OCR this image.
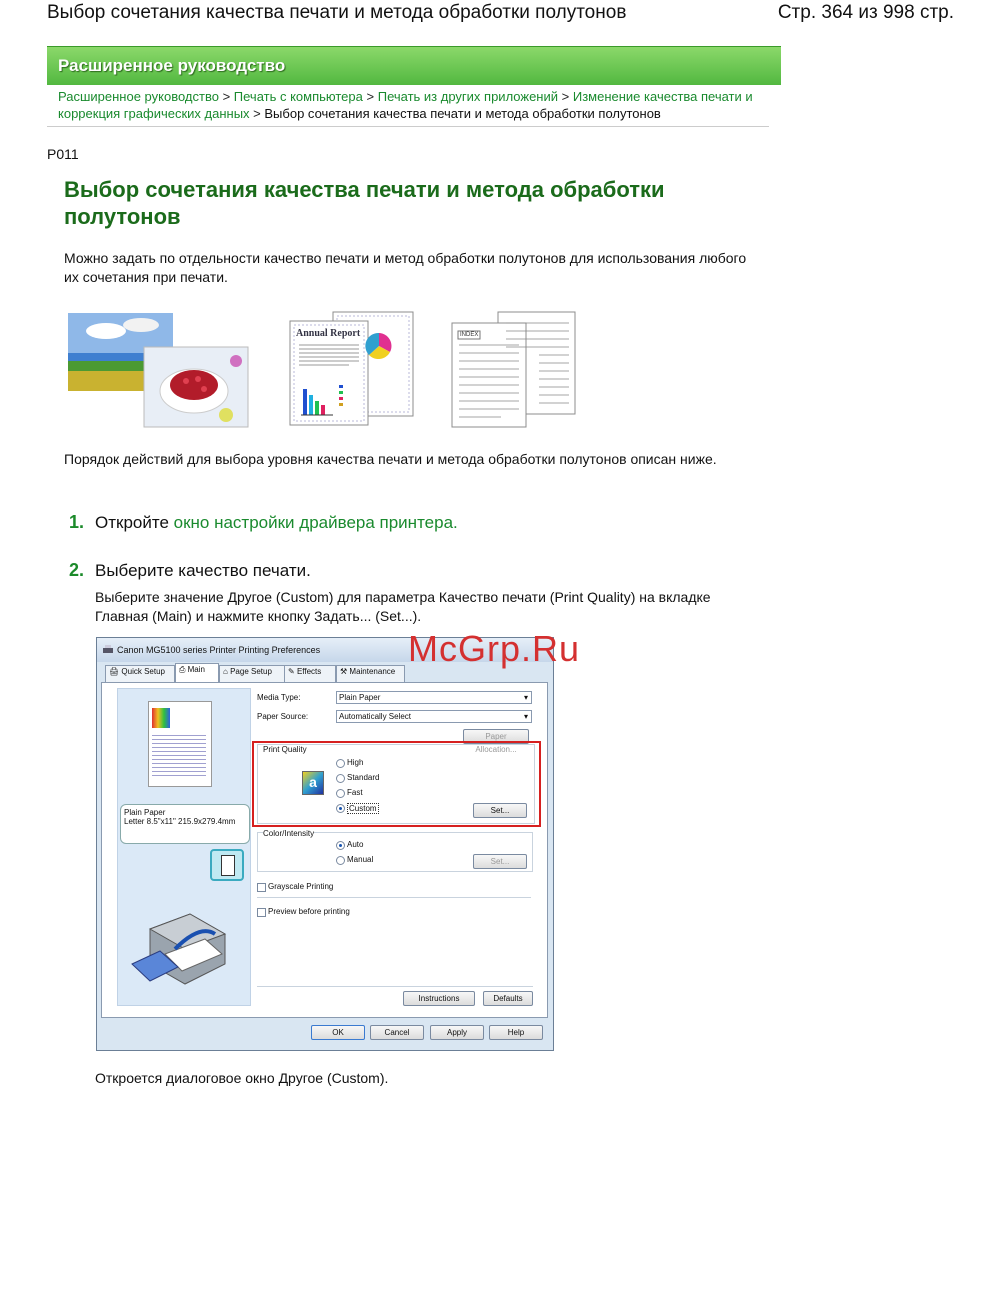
Выбор сочетания качества печати и метода обработки полутонов	Стр. 364 из 998 стр.
Расширенное руководство
Расширенное руководство > Печать с компьютера > Печать из других приложений > Изменение качества печати и коррекция графических данных > Выбор сочетания качества печати и метода обработки полутонов
P011
Выбор сочетания качества печати и метода обработки полутонов
Можно задать по отдельности качество печати и метод обработки полутонов для использования любого их сочетания при печати.
Annual Report	INDEX
Порядок действий для выбора уровня качества печати и метода обработки полутонов описан ниже.
1. Откройте окно настройки драйвера принтера.
2. Выберите качество печати.
Выберите значение Другое (Custom) для параметра Качество печати (Print Quality) на вкладке Главная (Main) и нажмите кнопку Задать... (Set...).
Canon MG5100 series Printer Printing Preferences
🖨 Quick Setup	⎙ Main	⌂ Page Setup	✎ Effects	⚒ Maintenance
Plain Paper
Letter 8.5"x11" 215.9x279.4mm
Media Type:	Plain Paper	▾
Paper Source:	Automatically Select	▾
Paper Allocation...
Print Quality
a
High
Standard
Fast
Custom	Set...
Color/Intensity
Auto
Manual	Set...
Grayscale Printing
Preview before printing
Instructions	Defaults
OK	Cancel	Apply	Help
McGrp.Ru
Откроется диалоговое окно Другое (Custom).
